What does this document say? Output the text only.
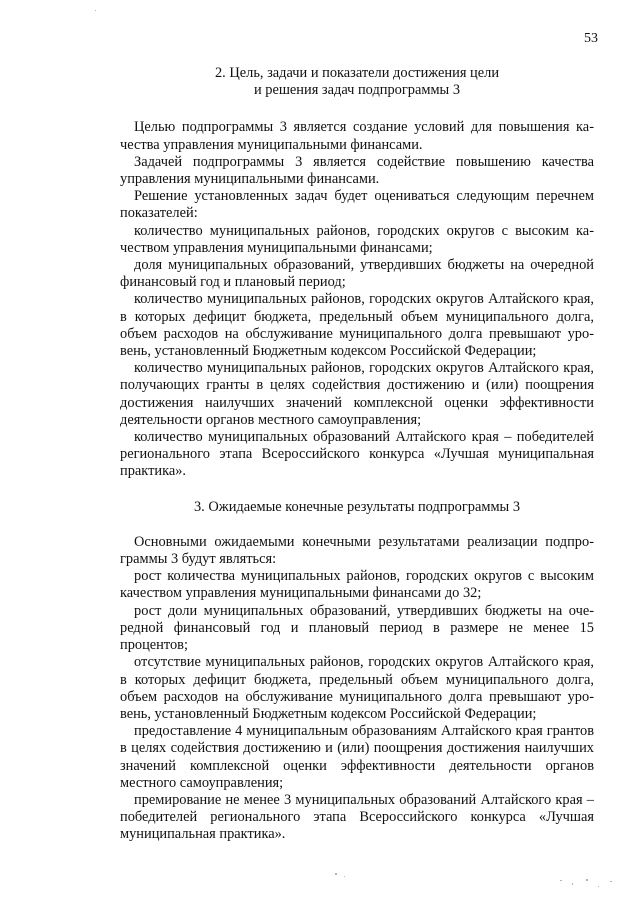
53
2. Цель, задачи и показатели достижения цели
и решения задач подпрограммы 3

Целью подпрограммы 3 является создание условий для повышения качества управления муниципальными финансами.

Задачей подпрограммы 3 является содействие повышению качества управления муниципальными финансами.

Решение установленных задач будет оцениваться следующим перечнем показателей:

количество муниципальных районов, городских округов с высоким качеством управления муниципальными финансами;

доля муниципальных образований, утвердивших бюджеты на очередной финансовый год и плановый период;

количество муниципальных районов, городских округов Алтайского края, в которых дефицит бюджета, предельный объем муниципального долга, объем расходов на обслуживание муниципального долга превышают уровень, установленный Бюджетным кодексом Российской Федерации;

количество муниципальных районов, городских округов Алтайского края, получающих гранты в целях содействия достижению и (или) поощрения достижения наилучших значений комплексной оценки эффективности деятельности органов местного самоуправления;

количество муниципальных образований Алтайского края – победителей регионального этапа Всероссийского конкурса «Лучшая муниципальная практика».

3. Ожидаемые конечные результаты подпрограммы 3

Основными ожидаемыми конечными результатами реализации подпрограммы 3 будут являться:

рост количества муниципальных районов, городских округов с высоким качеством управления муниципальными финансами до 32;

рост доли муниципальных образований, утвердивших бюджеты на очередной финансовый год и плановый период в размере не менее 15 процентов;

отсутствие муниципальных районов, городских округов Алтайского края, в которых дефицит бюджета, предельный объем муниципального долга, объем расходов на обслуживание муниципального долга превышают уровень, установленный Бюджетным кодексом Российской Федерации;

предоставление 4 муниципальным образованиям Алтайского края грантов в целях содействия достижению и (или) поощрения достижения наилучших значений комплексной оценки эффективности деятельности органов местного самоуправления;

премирование не менее 3 муниципальных образований Алтайского края – победителей регионального этапа Всероссийского конкурса «Лучшая муниципальная практика».
